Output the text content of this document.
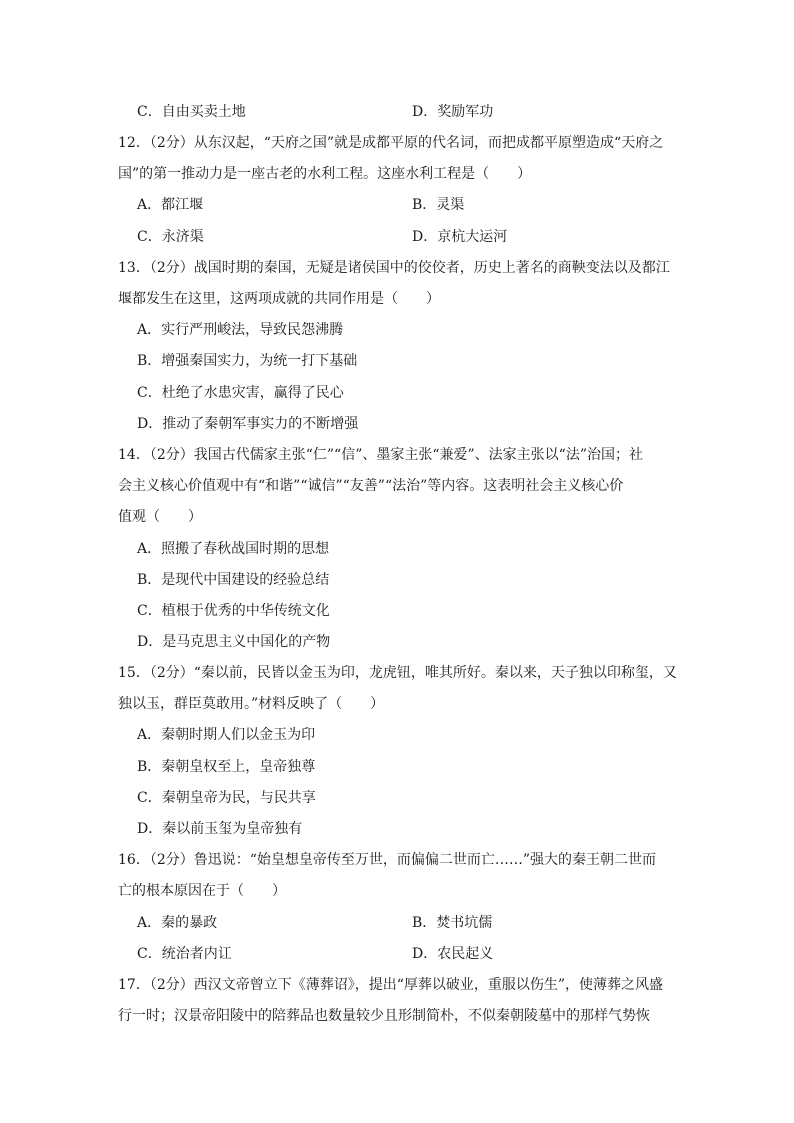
C．自由买卖土地	D．奖励军功
12．（2分）从东汉起，“天府之国”就是成都平原的代名词，而把成都平原塑造成“天府之
国”的第一推动力是一座古老的水利工程。这座水利工程是（　　）
A．都江堰	B．灵渠
C．永济渠	D．京杭大运河
13．（2分）战国时期的秦国，无疑是诸侯国中的佼佼者，历史上著名的商鞅变法以及都江
堰都发生在这里，这两项成就的共同作用是（　　）
A．实行严刑峻法，导致民怨沸腾
B．增强秦国实力，为统一打下基础
C．杜绝了水患灾害，赢得了民心
D．推动了秦朝军事实力的不断增强
14．（2分）我国古代儒家主张“仁”“信”、墨家主张“兼爱”、法家主张以“法”治国；社
会主义核心价值观中有“和谐”“诚信”“友善”“法治”等内容。这表明社会主义核心价
值观（　　）
A．照搬了春秋战国时期的思想
B．是现代中国建设的经验总结
C．植根于优秀的中华传统文化
D．是马克思主义中国化的产物
15．（2分）“秦以前，民皆以金玉为印，龙虎钮，唯其所好。秦以来，天子独以印称玺，又
独以玉，群臣莫敢用。”材料反映了（　　）
A．秦朝时期人们以金玉为印
B．秦朝皇权至上，皇帝独尊
C．秦朝皇帝为民，与民共享
D．秦以前玉玺为皇帝独有
16．（2分）鲁迅说：“始皇想皇帝传至万世，而偏偏二世而亡……”强大的秦王朝二世而
亡的根本原因在于（　　）
A．秦的暴政	B．焚书坑儒
C．统治者内讧	D．农民起义
17．（2分）西汉文帝曾立下《薄葬诏》，提出“厚葬以破业，重服以伤生”，使薄葬之风盛
行一时；汉景帝阳陵中的陪葬品也数量较少且形制简朴，不似秦朝陵墓中的那样气势恢
